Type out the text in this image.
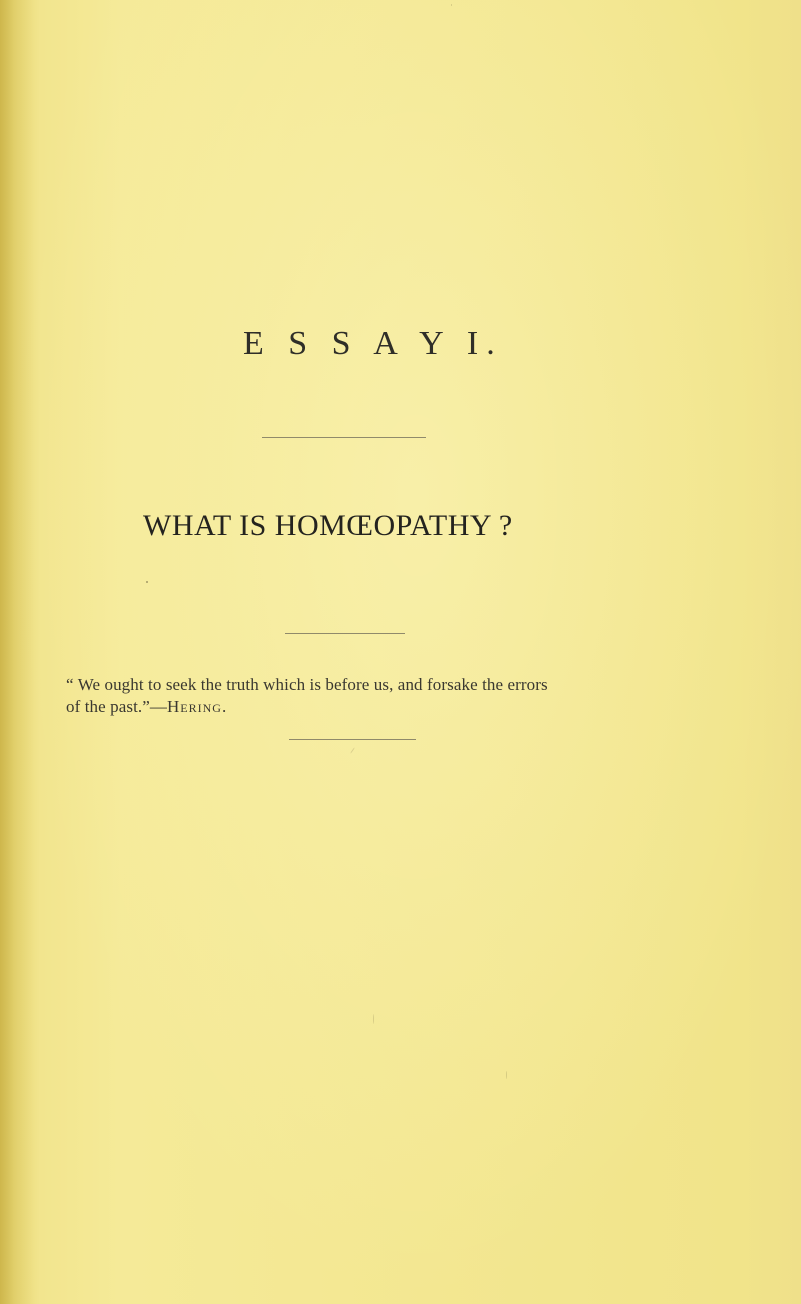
E S S A Y I.
WHAT IS HOMŒOPATHY ?
“ We ought to seek the truth which is before us, and forsake the errors
of the past.”—Hering.
